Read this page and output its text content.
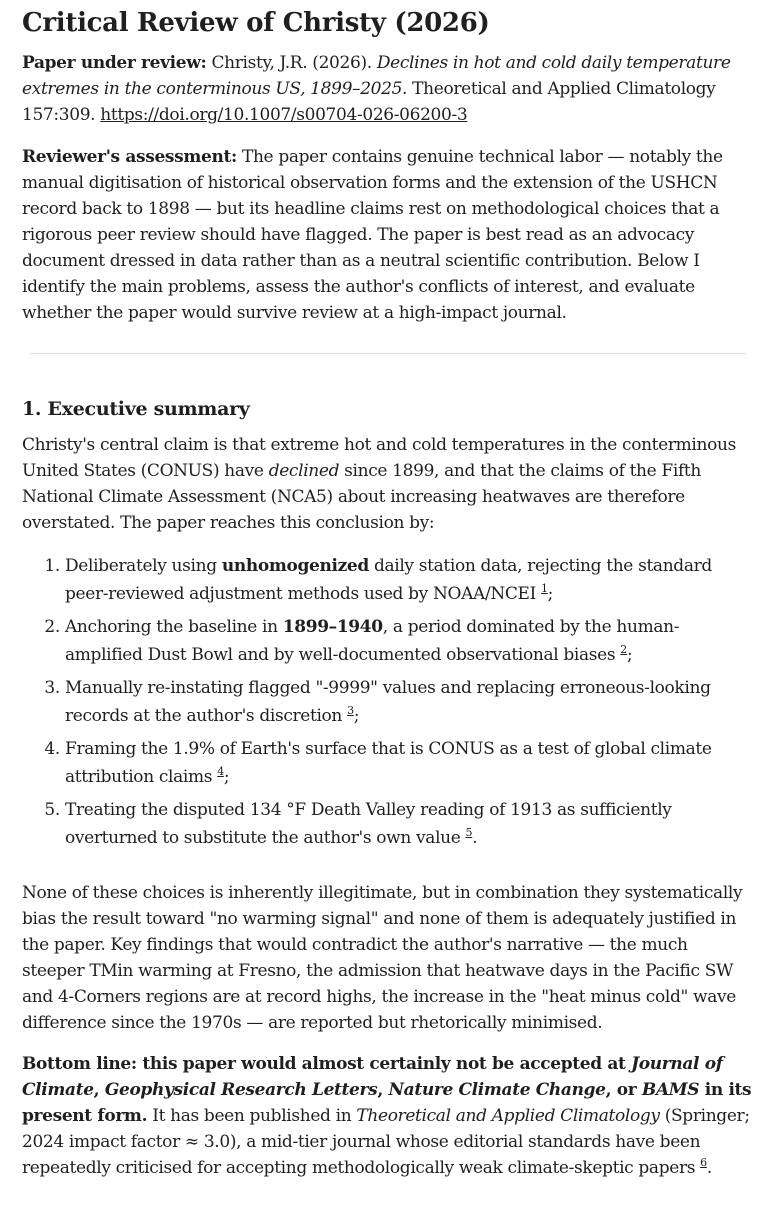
Critical Review of Christy (2026)

Paper under review: Christy, J.R. (2026). Declines in hot and cold daily temperature extremes in the conterminous US, 1899–2025. Theoretical and Applied Climatology 157:309. https://doi.org/10.1007/s00704-026-06200-3

Reviewer's assessment: The paper contains genuine technical labor — notably the manual digitisation of historical observation forms and the extension of the USHCN record back to 1898 — but its headline claims rest on methodological choices that a rigorous peer review should have flagged. The paper is best read as an advocacy document dressed in data rather than as a neutral scientific contribution. Below I identify the main problems, assess the author's conflicts of interest, and evaluate whether the paper would survive review at a high-impact journal.

1. Executive summary

Christy's central claim is that extreme hot and cold temperatures in the conterminous United States (CONUS) have declined since 1899, and that the claims of the Fifth National Climate Assessment (NCA5) about increasing heatwaves are therefore overstated. The paper reaches this conclusion by:

1. Deliberately using unhomogenized daily station data, rejecting the standard peer-reviewed adjustment methods used by NOAA/NCEI $^1$;
2. Anchoring the baseline in 1899–1940, a period dominated by the human-amplified Dust Bowl and by well-documented observational biases $^2$;
3. Manually re-instating flagged "-9999" values and replacing erroneous-looking records at the author's discretion $^3$;
4. Framing the 1.9% of Earth's surface that is CONUS as a test of global climate attribution claims $^4$;
5. Treating the disputed 134 °F Death Valley reading of 1913 as sufficiently overturned to substitute the author's own value $^5$.

None of these choices is inherently illegitimate, but in combination they systematically bias the result toward "no warming signal" and none of them is adequately justified in the paper. Key findings that would contradict the author's narrative — the much steeper TMin warming at Fresno, the admission that heatwave days in the Pacific SW and 4-Corners regions are at record highs, the increase in the "heat minus cold" wave difference since the 1970s — are reported but rhetorically minimised.

Bottom line: this paper would almost certainly not be accepted at Journal of Climate, Geophysical Research Letters, Nature Climate Change, or BAMS in its present form. It has been published in Theoretical and Applied Climatology (Springer; 2024 impact factor ≈ 3.0), a mid-tier journal whose editorial standards have been repeatedly criticised for accepting methodologically weak climate-skeptic papers $^6$.
